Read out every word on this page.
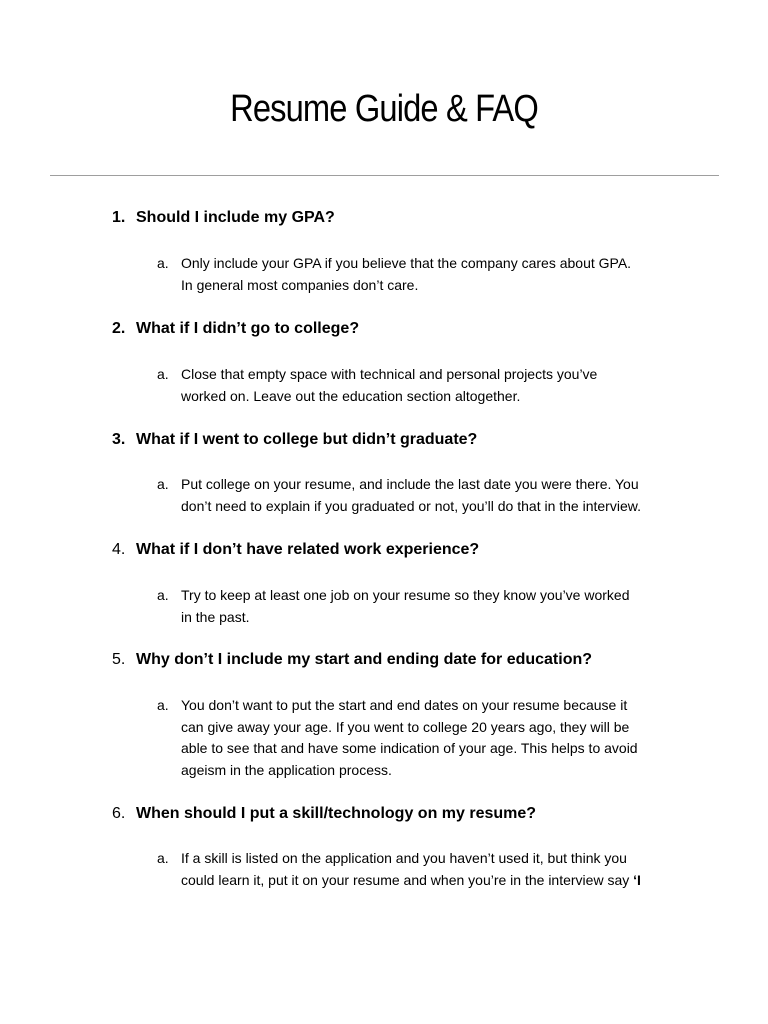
Resume Guide & FAQ
1. Should I include my GPA?
a. Only include your GPA if you believe that the company cares about GPA.
In general most companies don’t care.
2. What if I didn’t go to college?
a. Close that empty space with technical and personal projects you’ve
worked on. Leave out the education section altogether.
3. What if I went to college but didn’t graduate?
a. Put college on your resume, and include the last date you were there. You
don’t need to explain if you graduated or not, you’ll do that in the interview.
4. What if I don’t have related work experience?
a. Try to keep at least one job on your resume so they know you’ve worked
in the past.
5. Why don’t I include my start and ending date for education?
a. You don’t want to put the start and end dates on your resume because it
can give away your age. If you went to college 20 years ago, they will be
able to see that and have some indication of your age. This helps to avoid
ageism in the application process.
6. When should I put a skill/technology on my resume?
a. If a skill is listed on the application and you haven’t used it, but think you
could learn it, put it on your resume and when you’re in the interview say ‘I
